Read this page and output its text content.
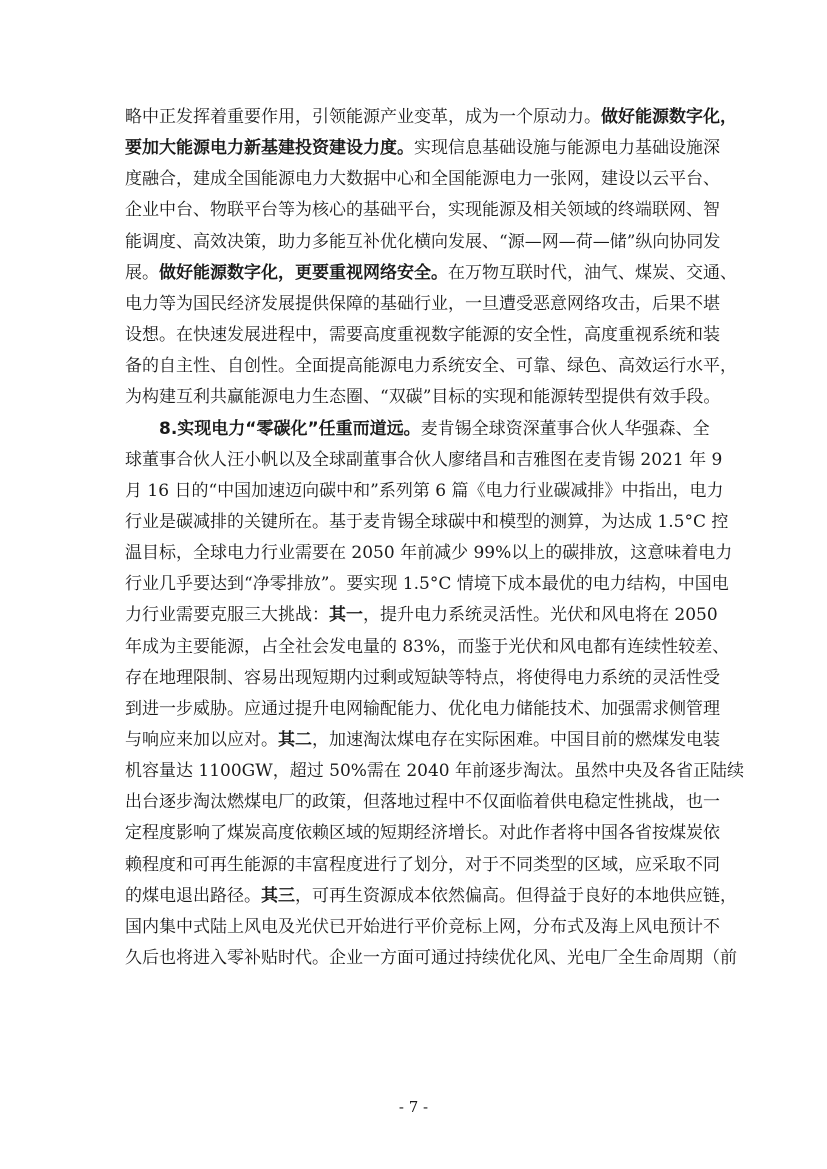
略中正发挥着重要作用，引领能源产业变革，成为一个原动力。做好能源数字化，
要加大能源电力新基建投资建设力度。实现信息基础设施与能源电力基础设施深
度融合，建成全国能源电力大数据中心和全国能源电力一张网，建设以云平台、
企业中台、物联平台等为核心的基础平台，实现能源及相关领域的终端联网、智
能调度、高效决策，助力多能互补优化横向发展、“源—网—荷—储”纵向协同发
展。做好能源数字化，更要重视网络安全。在万物互联时代，油气、煤炭、交通、
电力等为国民经济发展提供保障的基础行业，一旦遭受恶意网络攻击，后果不堪
设想。在快速发展进程中，需要高度重视数字能源的安全性，高度重视系统和装
备的自主性、自创性。全面提高能源电力系统安全、可靠、绿色、高效运行水平，
为构建互利共赢能源电力生态圈、“双碳”目标的实现和能源转型提供有效手段。
8.实现电力“零碳化”任重而道远。麦肯锡全球资深董事合伙人华强森、全
球董事合伙人汪小帆以及全球副董事合伙人廖绪昌和吉雅图在麦肯锡 2021 年 9
月 16 日的“中国加速迈向碳中和”系列第 6 篇《电力行业碳减排》中指出，电力
行业是碳减排的关键所在。基于麦肯锡全球碳中和模型的测算，为达成 1.5°C 控
温目标，全球电力行业需要在 2050 年前减少 99%以上的碳排放，这意味着电力
行业几乎要达到“净零排放”。要实现 1.5°C 情境下成本最优的电力结构，中国电
力行业需要克服三大挑战：其一，提升电力系统灵活性。光伏和风电将在 2050
年成为主要能源，占全社会发电量的 83%，而鉴于光伏和风电都有连续性较差、
存在地理限制、容易出现短期内过剩或短缺等特点，将使得电力系统的灵活性受
到进一步威胁。应通过提升电网输配能力、优化电力储能技术、加强需求侧管理
与响应来加以应对。其二，加速淘汰煤电存在实际困难。中国目前的燃煤发电装
机容量达 1100GW，超过 50%需在 2040 年前逐步淘汰。虽然中央及各省正陆续
出台逐步淘汰燃煤电厂的政策，但落地过程中不仅面临着供电稳定性挑战，也一
定程度影响了煤炭高度依赖区域的短期经济增长。对此作者将中国各省按煤炭依
赖程度和可再生能源的丰富程度进行了划分，对于不同类型的区域，应采取不同
的煤电退出路径。其三，可再生资源成本依然偏高。但得益于良好的本地供应链，
国内集中式陆上风电及光伏已开始进行平价竞标上网，分布式及海上风电预计不
久后也将进入零补贴时代。企业一方面可通过持续优化风、光电厂全生命周期（前
- 7 -
